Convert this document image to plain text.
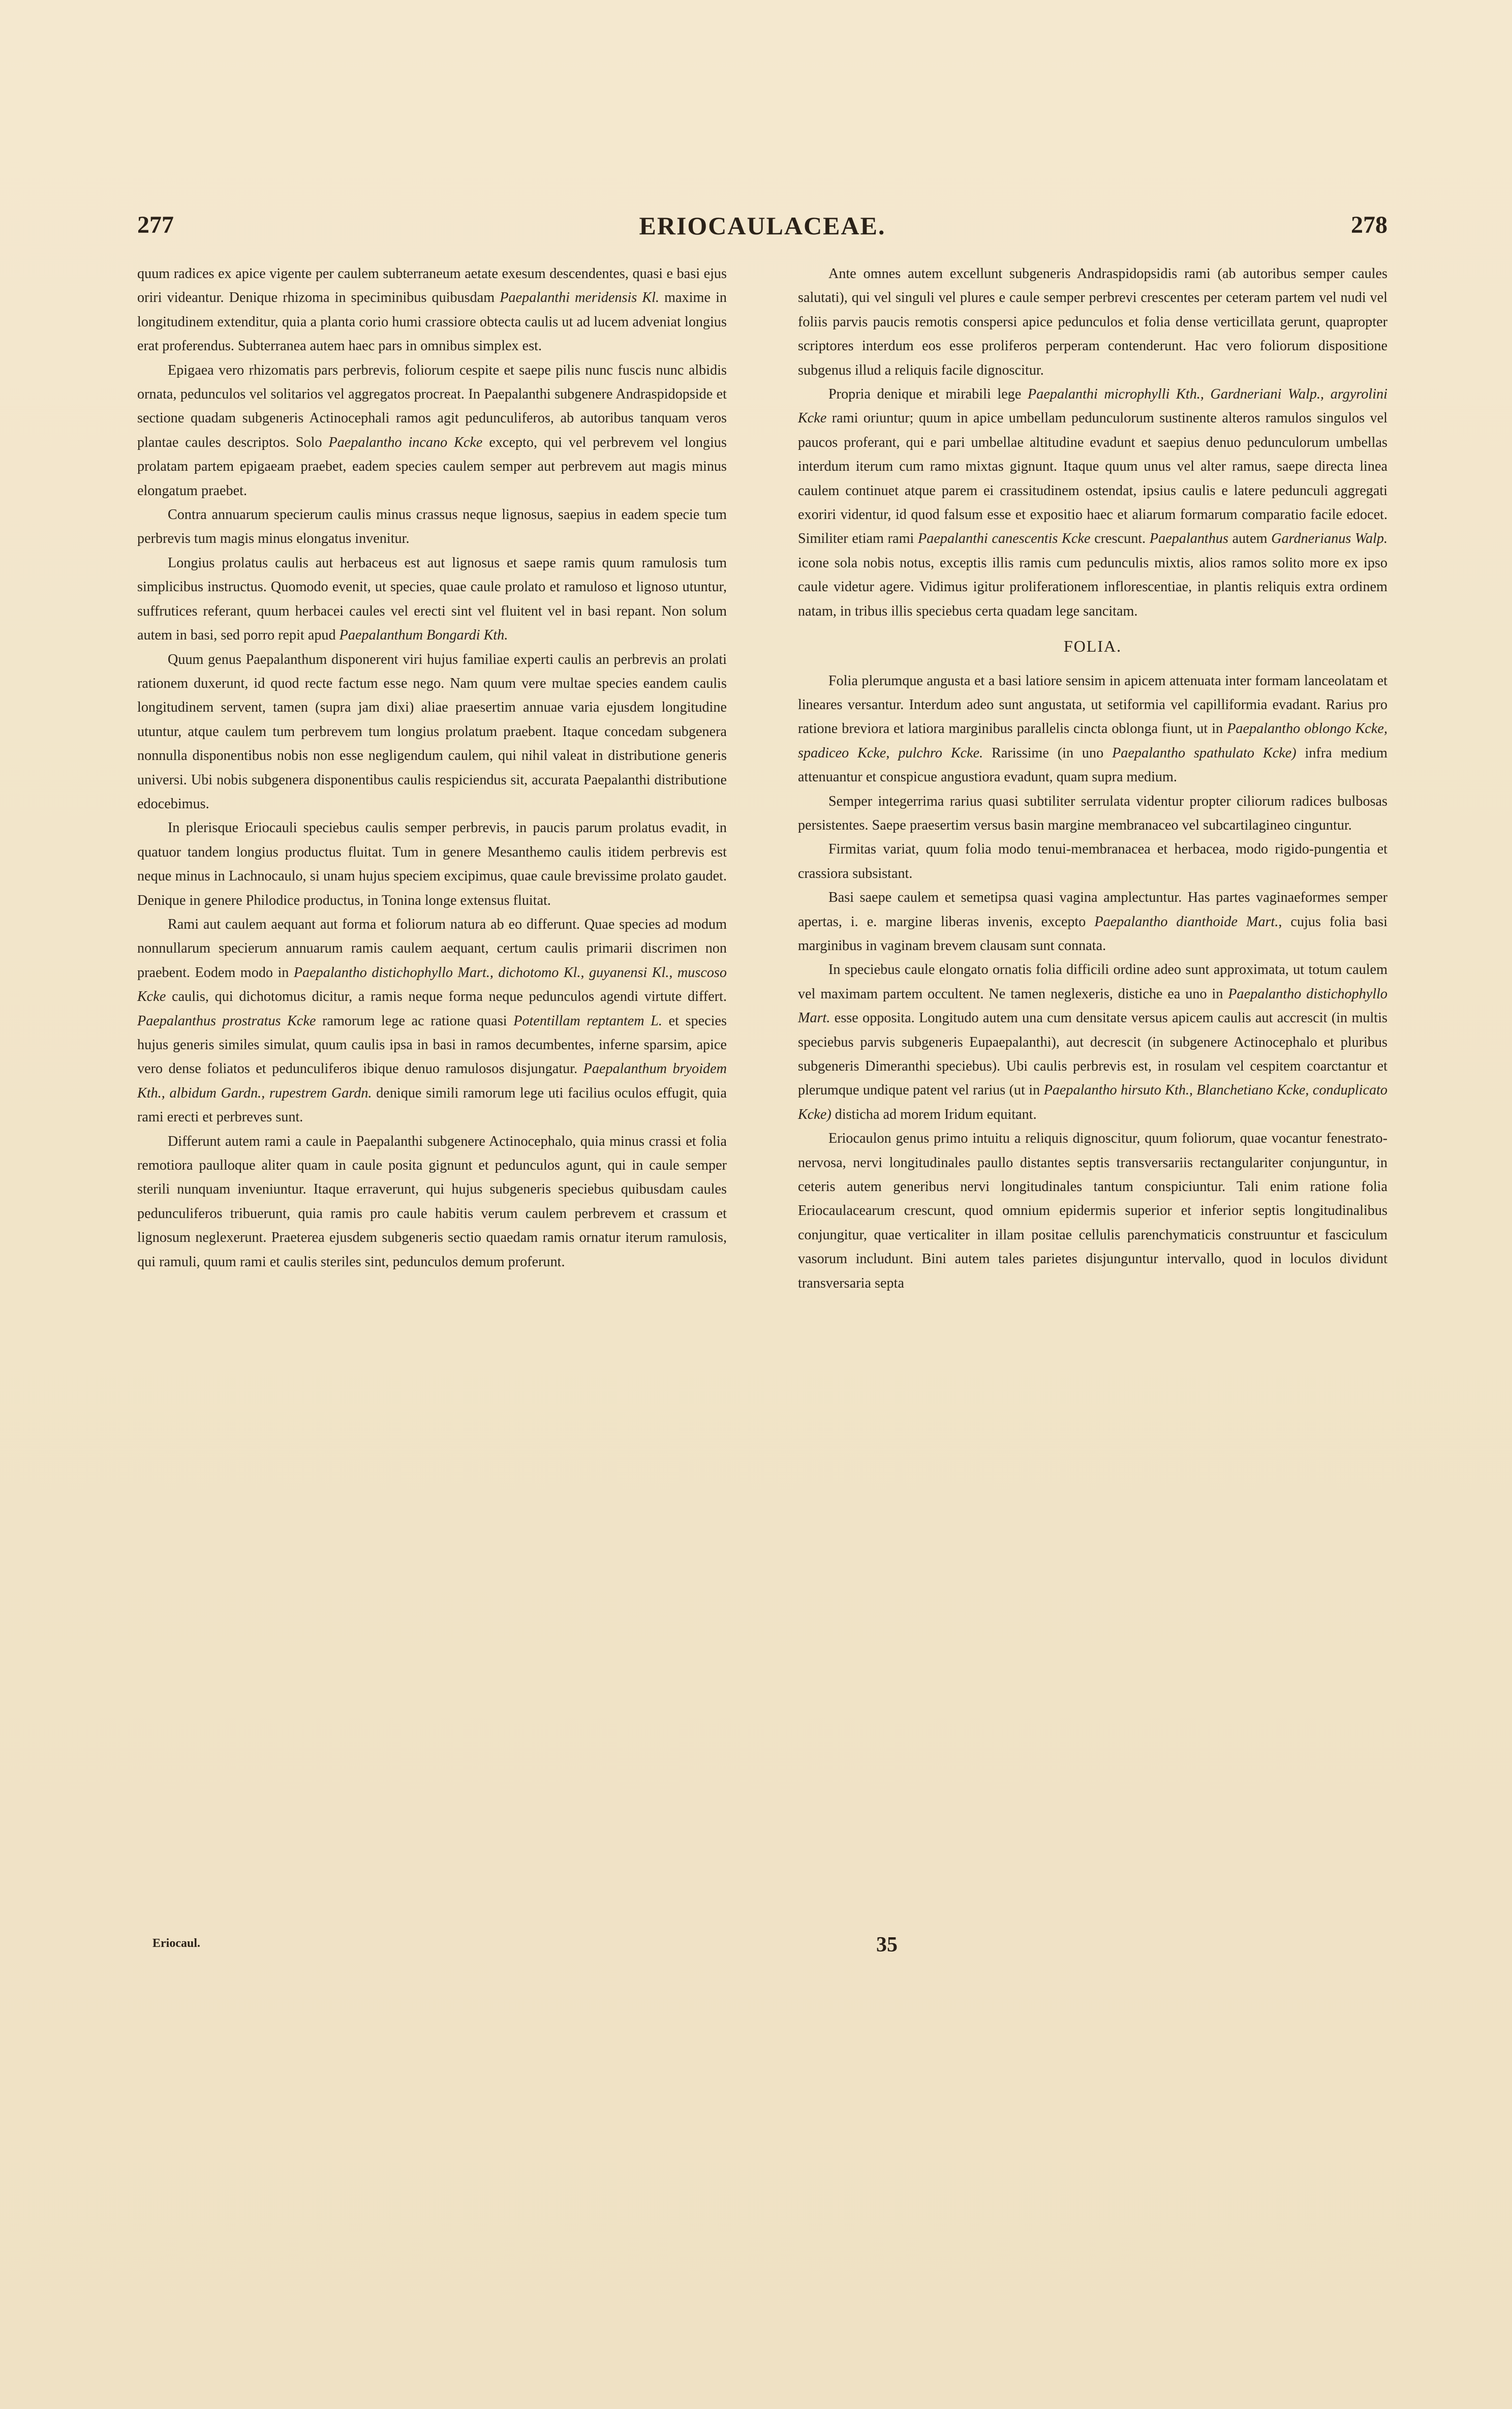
277	ERIOCAULACEAE.	278

quum radices ex apice vigente per caulem subterraneum aetate exesum descendentes, quasi e basi ejus oriri videantur. Denique rhizoma in speciminibus quibusdam Paepalanthi meridensis Kl. maxime in longitudinem extenditur, quia a planta corio humi crassiore obtecta caulis ut ad lucem adveniat longius erat proferendus. Subterranea autem haec pars in omnibus simplex est.

Epigaea vero rhizomatis pars perbrevis, foliorum cespite et saepe pilis nunc fuscis nunc albidis ornata, pedunculos vel solitarios vel aggregatos procreat. In Paepalanthi subgenere Andraspidopside et sectione quadam subgeneris Actinocephali ramos agit pedunculiferos, ab autoribus tanquam veros plantae caules descriptos. Solo Paepalantho incano Kcke excepto, qui vel perbrevem vel longius prolatam partem epigaeam praebet, eadem species caulem semper aut perbrevem aut magis minus elongatum praebet.

Contra annuarum specierum caulis minus crassus neque lignosus, saepius in eadem specie tum perbrevis tum magis minus elongatus invenitur.

Longius prolatus caulis aut herbaceus est aut lignosus et saepe ramis quum ramulosis tum simplicibus instructus. Quomodo evenit, ut species, quae caule prolato et ramuloso et lignoso utuntur, suffrutices referant, quum herbacei caules vel erecti sint vel fluitent vel in basi repant. Non solum autem in basi, sed porro repit apud Paepalanthum Bongardi Kth.

Quum genus Paepalanthum disponerent viri hujus familiae experti caulis an perbrevis an prolati rationem duxerunt, id quod recte factum esse nego. Nam quum vere multae species eandem caulis longitudinem servent, tamen (supra jam dixi) aliae praesertim annuae varia ejusdem longitudine utuntur, atque caulem tum perbrevem tum longius prolatum praebent. Itaque concedam subgenera nonnulla disponentibus nobis non esse negligendum caulem, qui nihil valeat in distributione generis universi. Ubi nobis subgenera disponentibus caulis respiciendus sit, accurata Paepalanthi distributione edocebimus.

In plerisque Eriocauli speciebus caulis semper perbrevis, in paucis parum prolatus evadit, in quatuor tandem longius productus fluitat. Tum in genere Mesanthemo caulis itidem perbrevis est neque minus in Lachnocaulo, si unam hujus speciem excipimus, quae caule brevissime prolato gaudet. Denique in genere Philodice productus, in Tonina longe extensus fluitat.

Rami aut caulem aequant aut forma et foliorum natura ab eo differunt. Quae species ad modum nonnullarum specierum annuarum ramis caulem aequant, certum caulis primarii discrimen non praebent. Eodem modo in Paepalantho distichophyllo Mart., dichotomo Kl., guyanensi Kl., muscoso Kcke caulis, qui dichotomus dicitur, a ramis neque forma neque pedunculos agendi virtute differt. Paepalanthus prostratus Kcke ramorum lege ac ratione quasi Potentillam reptantem L. et species hujus generis similes simulat, quum caulis ipsa in basi in ramos decumbentes, inferne sparsim, apice vero dense foliatos et pedunculiferos ibique denuo ramulosos disjungatur. Paepalanthum bryoidem Kth., albidum Gardn., rupestrem Gardn. denique simili ramorum lege uti facilius oculos effugit, quia rami erecti et perbreves sunt.

Differunt autem rami a caule in Paepalanthi subgenere Actinocephalo, quia minus crassi et folia remotiora paulloque aliter quam in caule posita gignunt et pedunculos agunt, qui in caule semper sterili nunquam inveniuntur. Itaque erraverunt, qui hujus subgeneris speciebus quibusdam caules pedunculiferos tribuerunt, quia ramis pro caule habitis verum caulem perbrevem et crassum et lignosum neglexerunt. Praeterea ejusdem subgeneris sectio quaedam ramis ornatur iterum ramulosis, qui ramuli, quum rami et caulis steriles sint, pedunculos demum proferunt.

Ante omnes autem excellunt subgeneris Andraspidopsidis rami (ab autoribus semper caules salutati), qui vel singuli vel plures e caule semper perbrevi crescentes per ceteram partem vel nudi vel foliis parvis paucis remotis conspersi apice pedunculos et folia dense verticillata gerunt, quapropter scriptores interdum eos esse proliferos perperam contenderunt. Hac vero foliorum dispositione subgenus illud a reliquis facile dignoscitur.

Propria denique et mirabili lege Paepalanthi microphylli Kth., Gardneriani Walp., argyrolini Kcke rami oriuntur; quum in apice umbellam pedunculorum sustinente alteros ramulos singulos vel paucos proferant, qui e pari umbellae altitudine evadunt et saepius denuo pedunculorum umbellas interdum iterum cum ramo mixtas gignunt. Itaque quum unus vel alter ramus, saepe directa linea caulem continuet atque parem ei crassitudinem ostendat, ipsius caulis e latere pedunculi aggregati exoriri videntur, id quod falsum esse et expositio haec et aliarum formarum comparatio facile edocet. Similiter etiam rami Paepalanthi canescentis Kcke crescunt. Paepalanthus autem Gardnerianus Walp. icone sola nobis notus, exceptis illis ramis cum pedunculis mixtis, alios ramos solito more ex ipso caule videtur agere. Vidimus igitur proliferationem inflorescentiae, in plantis reliquis extra ordinem natam, in tribus illis speciebus certa quadam lege sancitam.

FOLIA.

Folia plerumque angusta et a basi latiore sensim in apicem attenuata inter formam lanceolatam et lineares versantur. Interdum adeo sunt angustata, ut setiformia vel capilliformia evadant. Rarius pro ratione breviora et latiora marginibus parallelis cincta oblonga fiunt, ut in Paepalantho oblongo Kcke, spadiceo Kcke, pulchro Kcke. Rarissime (in uno Paepalantho spathulato Kcke) infra medium attenuantur et conspicue angustiora evadunt, quam supra medium.

Semper integerrima rarius quasi subtiliter serrulata videntur propter ciliorum radices bulbosas persistentes. Saepe praesertim versus basin margine membranaceo vel subcartilagineo cinguntur.

Firmitas variat, quum folia modo tenui-membranacea et herbacea, modo rigido-pungentia et crassiora subsistant.

Basi saepe caulem et semetipsa quasi vagina amplectuntur. Has partes vaginaeformes semper apertas, i. e. margine liberas invenis, excepto Paepalantho dianthoide Mart., cujus folia basi marginibus in vaginam brevem clausam sunt connata.

In speciebus caule elongato ornatis folia difficili ordine adeo sunt approximata, ut totum caulem vel maximam partem occultent. Ne tamen neglexeris, distiche ea uno in Paepalantho distichophyllo Mart. esse opposita. Longitudo autem una cum densitate versus apicem caulis aut accrescit (in multis speciebus parvis subgeneris Eupaepalanthi), aut decrescit (in subgenere Actinocephalo et pluribus subgeneris Dimeranthi speciebus). Ubi caulis perbrevis est, in rosulam vel cespitem coarctantur et plerumque undique patent vel rarius (ut in Paepalantho hirsuto Kth., Blanchetiano Kcke, conduplicato Kcke) disticha ad morem Iridum equitant.

Eriocaulon genus primo intuitu a reliquis dignoscitur, quum foliorum, quae vocantur fenestrato-nervosa, nervi longitudinales paullo distantes septis transversariis rectangulariter conjunguntur, in ceteris autem generibus nervi longitudinales tantum conspiciuntur. Tali enim ratione folia Eriocaulacearum crescunt, quod omnium epidermis superior et inferior septis longitudinalibus conjungitur, quae verticaliter in illam positae cellulis parenchymaticis construuntur et fasciculum vasorum includunt. Bini autem tales parietes disjunguntur intervallo, quod in loculos dividunt transversaria septa

Eriocaul.	35
